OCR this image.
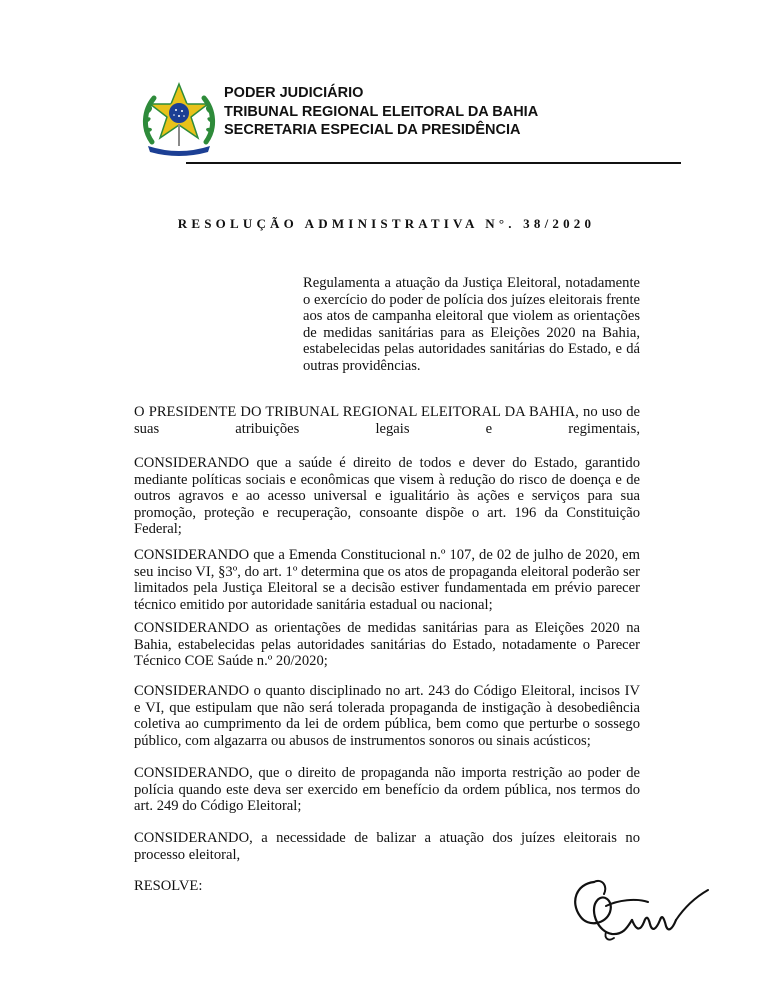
PODER JUDICIÁRIO
TRIBUNAL REGIONAL ELEITORAL DA BAHIA
SECRETARIA ESPECIAL DA PRESIDÊNCIA
RESOLUÇÃO ADMINISTRATIVA N°. 38/2020
Regulamenta a atuação da Justiça Eleitoral, notadamente o exercício do poder de polícia dos juízes eleitorais frente aos atos de campanha eleitoral que violem as orientações de medidas sanitárias para as Eleições 2020 na Bahia, estabelecidas pelas autoridades sanitárias do Estado, e dá outras providências.

O PRESIDENTE DO TRIBUNAL REGIONAL ELEITORAL DA BAHIA, no uso de suas atribuições legais e regimentais,

CONSIDERANDO que a saúde é direito de todos e dever do Estado, garantido mediante políticas sociais e econômicas que visem à redução do risco de doença e de outros agravos e ao acesso universal e igualitário às ações e serviços para sua promoção, proteção e recuperação, consoante dispõe o art. 196 da Constituição Federal;

CONSIDERANDO que a Emenda Constitucional n.º 107, de 02 de julho de 2020, em seu inciso VI, §3º, do art. 1º determina que os atos de propaganda eleitoral poderão ser limitados pela Justiça Eleitoral se a decisão estiver fundamentada em prévio parecer técnico emitido por autoridade sanitária estadual ou nacional;

CONSIDERANDO as orientações de medidas sanitárias para as Eleições 2020 na Bahia, estabelecidas pelas autoridades sanitárias do Estado, notadamente o Parecer Técnico COE Saúde n.º 20/2020;

CONSIDERANDO o quanto disciplinado no art. 243 do Código Eleitoral, incisos IV e VI, que estipulam que não será tolerada propaganda de instigação à desobediência coletiva ao cumprimento da lei de ordem pública, bem como que perturbe o sossego público, com algazarra ou abusos de instrumentos sonoros ou sinais acústicos;

CONSIDERANDO, que o direito de propaganda não importa restrição ao poder de polícia quando este deva ser exercido em benefício da ordem pública, nos termos do art. 249 do Código Eleitoral;

CONSIDERANDO, a necessidade de balizar a atuação dos juízes eleitorais no processo eleitoral,

RESOLVE:
